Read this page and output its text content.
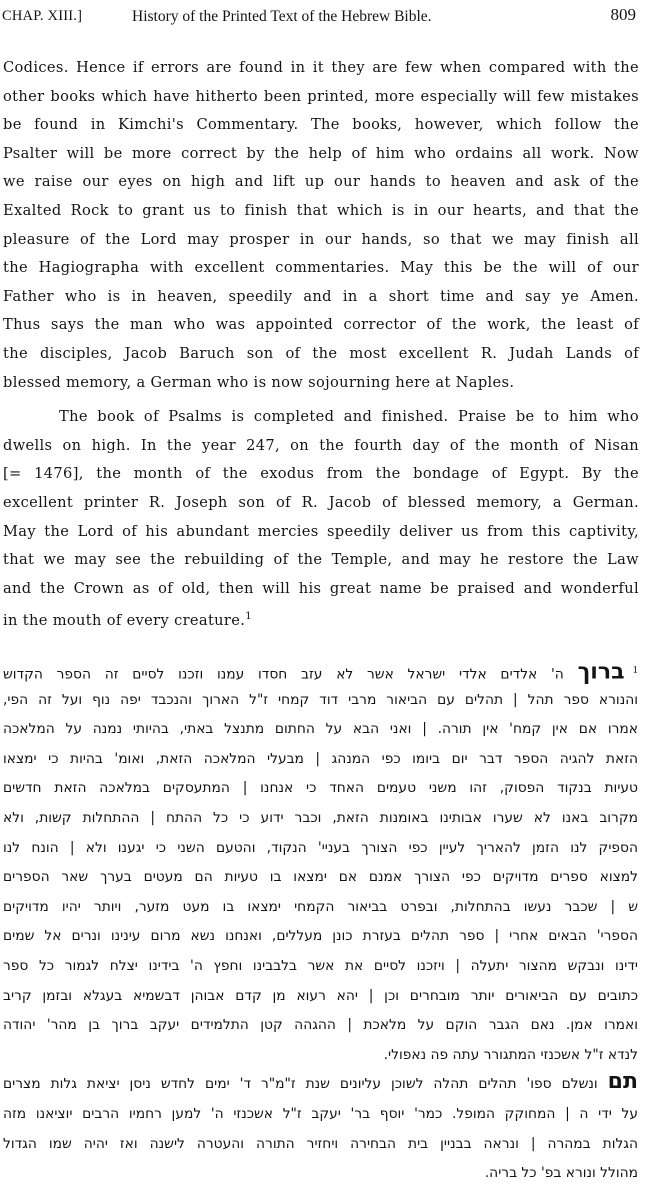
CHAP. XIII.]	History of the Printed Text of the Hebrew Bible.	809
Codices. Hence if errors are found in it they are few when compared with the
other books which have hitherto been printed, more especially will few mistakes
be found in Kimchi's Commentary. The books, however, which follow the
Psalter will be more correct by the help of him who ordains all work. Now
we raise our eyes on high and lift up our hands to heaven and ask of the
Exalted Rock to grant us to finish that which is in our hearts, and that the
pleasure of the Lord may prosper in our hands, so that we may finish all
the Hagiographa with excellent commentaries. May this be the will of our
Father who is in heaven, speedily and in a short time and say ye Amen.
Thus says the man who was appointed corrector of the work, the least of
the disciples, Jacob Baruch son of the most excellent R. Judah Lands of
blessed memory, a German who is now sojourning here at Naples.
The book of Psalms is completed and finished. Praise be to him who
dwells on high. In the year 247, on the fourth day of the month of Nisan
[= 1476], the month of the exodus from the bondage of Egypt. By the
excellent printer R. Joseph son of R. Jacob of blessed memory, a German.
May the Lord of his abundant mercies speedily deliver us from this captivity,
that we may see the rebuilding of the Temple, and may he restore the Law
and the Crown as of old, then will his great name be praised and wonderful
in the mouth of every creature.$^1$
$^1$ברוך ה' אלדים אלדי ישראל אשר לא עזב חסדו עמנו וזכנו לסיים זה הספר הקדוש
והנורא ספר תהל | תהלים עם הביאור מרבי דוד קמחי ז"ל הארוך והנכבד יפה נוף ועל זה הפי,
אמרו אם אין קמח' אין תורה. | ואני הבא על החתום מתנצל באתי, בהיותי נמנה על המלאכה
הזאת להגיה הספר דבר יום ביומו כפי המנהג | מבעלי המלאכה הזאת, ואומ' בהיות כי ימצאו
טעיות בנקוד הפסוק, זהו משני טעמים האחד כי אנחנו | המתעסקים במלאכה הזאת חדשים
מקרוב באנו לא שערו אבותינו באומנות הזאת, וכבר ידוע כי כל ההתח | ההתחלות קשות, ולא
הספיק לנו הזמן להאריך לעיין כפי הצורך בעניי' הנקוד, והטעם השני כי יגענו ולא | הונח לנו
למצוא ספרים מדויקים כפי הצורך אמנם אם ימצאו בו טעיות הם מעטים בערך שאר הספרים
ש | שכבר נעשו בהתחלות, ובפרט בביאור הקמחי ימצאו בו מעט מזער, ויותר יהיו מדויקים
הספרי' הבאים אחרי | ספר תהלים בעזרת כונן מעללים, ואנחנו נשא מרום עינינו ונרים אל שמים
ידינו ונבקש מהצור יתעלה | ויזכנו לסיים את אשר בלבבינו וחפץ ה' בידינו יצלח לגמור כל ספר
כתובים עם הביאורים יותר מובחרים וכן | יהא רעוא מן קדם אבוהן דבשמיא בעגלא ובזמן קריב
ואמרו אמן. נאם הגבר הוקם על מלאכת | ההגהה קטן התלמידים יעקב ברוך בן מהר' יהודה
לנדא ז"ל אשכנזי המתגורר עתה פה נאפולי.
תם ונשלם ספו' תהלים תהלה לשוכן עליונים שנת ז"מ"ר ד' ימים לחדש ניסן יציאת גלות מצרים
על ידי ה | המחוקק המופל. כמר' יוסף בר' יעקב ז"ל אשכנזי ה' למען רחמיו הרבים יוציאנו מזה
הגלות במהרה | ונראה בבניין בית הבחירה ויחזיר התורה והעטרה לישנה ואז יהיה שמו הגדול
מהולל ונורא בפ' כל בריה.
